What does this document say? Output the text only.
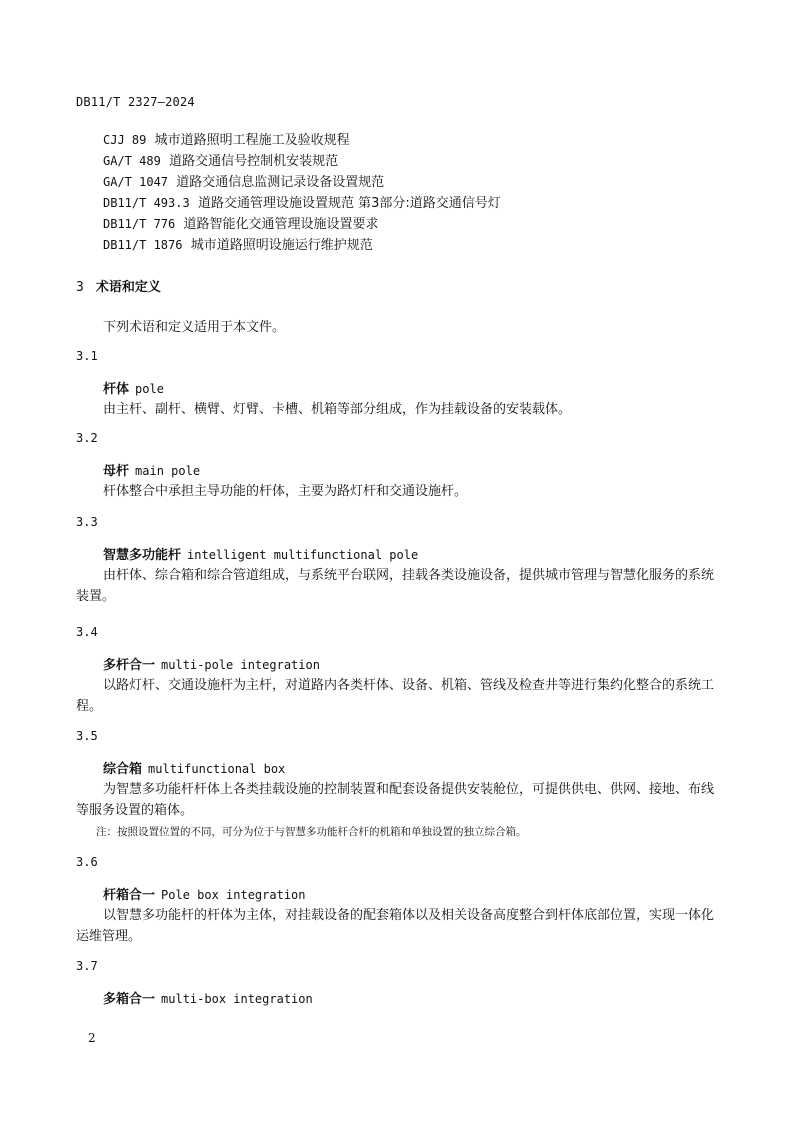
DB11/T 2327—2024
CJJ 89 城市道路照明工程施工及验收规程
GA/T 489 道路交通信号控制机安装规范
GA/T 1047 道路交通信息监测记录设备设置规范
DB11/T 493.3 道路交通管理设施设置规范 第3部分:道路交通信号灯
DB11/T 776 道路智能化交通管理设施设置要求
DB11/T 1876 城市道路照明设施运行维护规范
3 术语和定义
下列术语和定义适用于本文件。
3.1
杆体 pole
由主杆、副杆、横臂、灯臂、卡槽、机箱等部分组成，作为挂载设备的安装载体。
3.2
母杆 main pole
杆体整合中承担主导功能的杆体，主要为路灯杆和交通设施杆。
3.3
智慧多功能杆 intelligent multifunctional pole
由杆体、综合箱和综合管道组成，与系统平台联网，挂载各类设施设备，提供城市管理与智慧化服务的系统装置。
3.4
多杆合一 multi-pole integration
以路灯杆、交通设施杆为主杆，对道路内各类杆体、设备、机箱、管线及检查井等进行集约化整合的系统工程。
3.5
综合箱 multifunctional box
为智慧多功能杆杆体上各类挂载设施的控制装置和配套设备提供安装舱位，可提供供电、供网、接地、布线等服务设置的箱体。
注：按照设置位置的不同，可分为位于与智慧多功能杆合杆的机箱和单独设置的独立综合箱。
3.6
杆箱合一 Pole box integration
以智慧多功能杆的杆体为主体，对挂载设备的配套箱体以及相关设备高度整合到杆体底部位置，实现一体化运维管理。
3.7
多箱合一 multi-box integration
2
